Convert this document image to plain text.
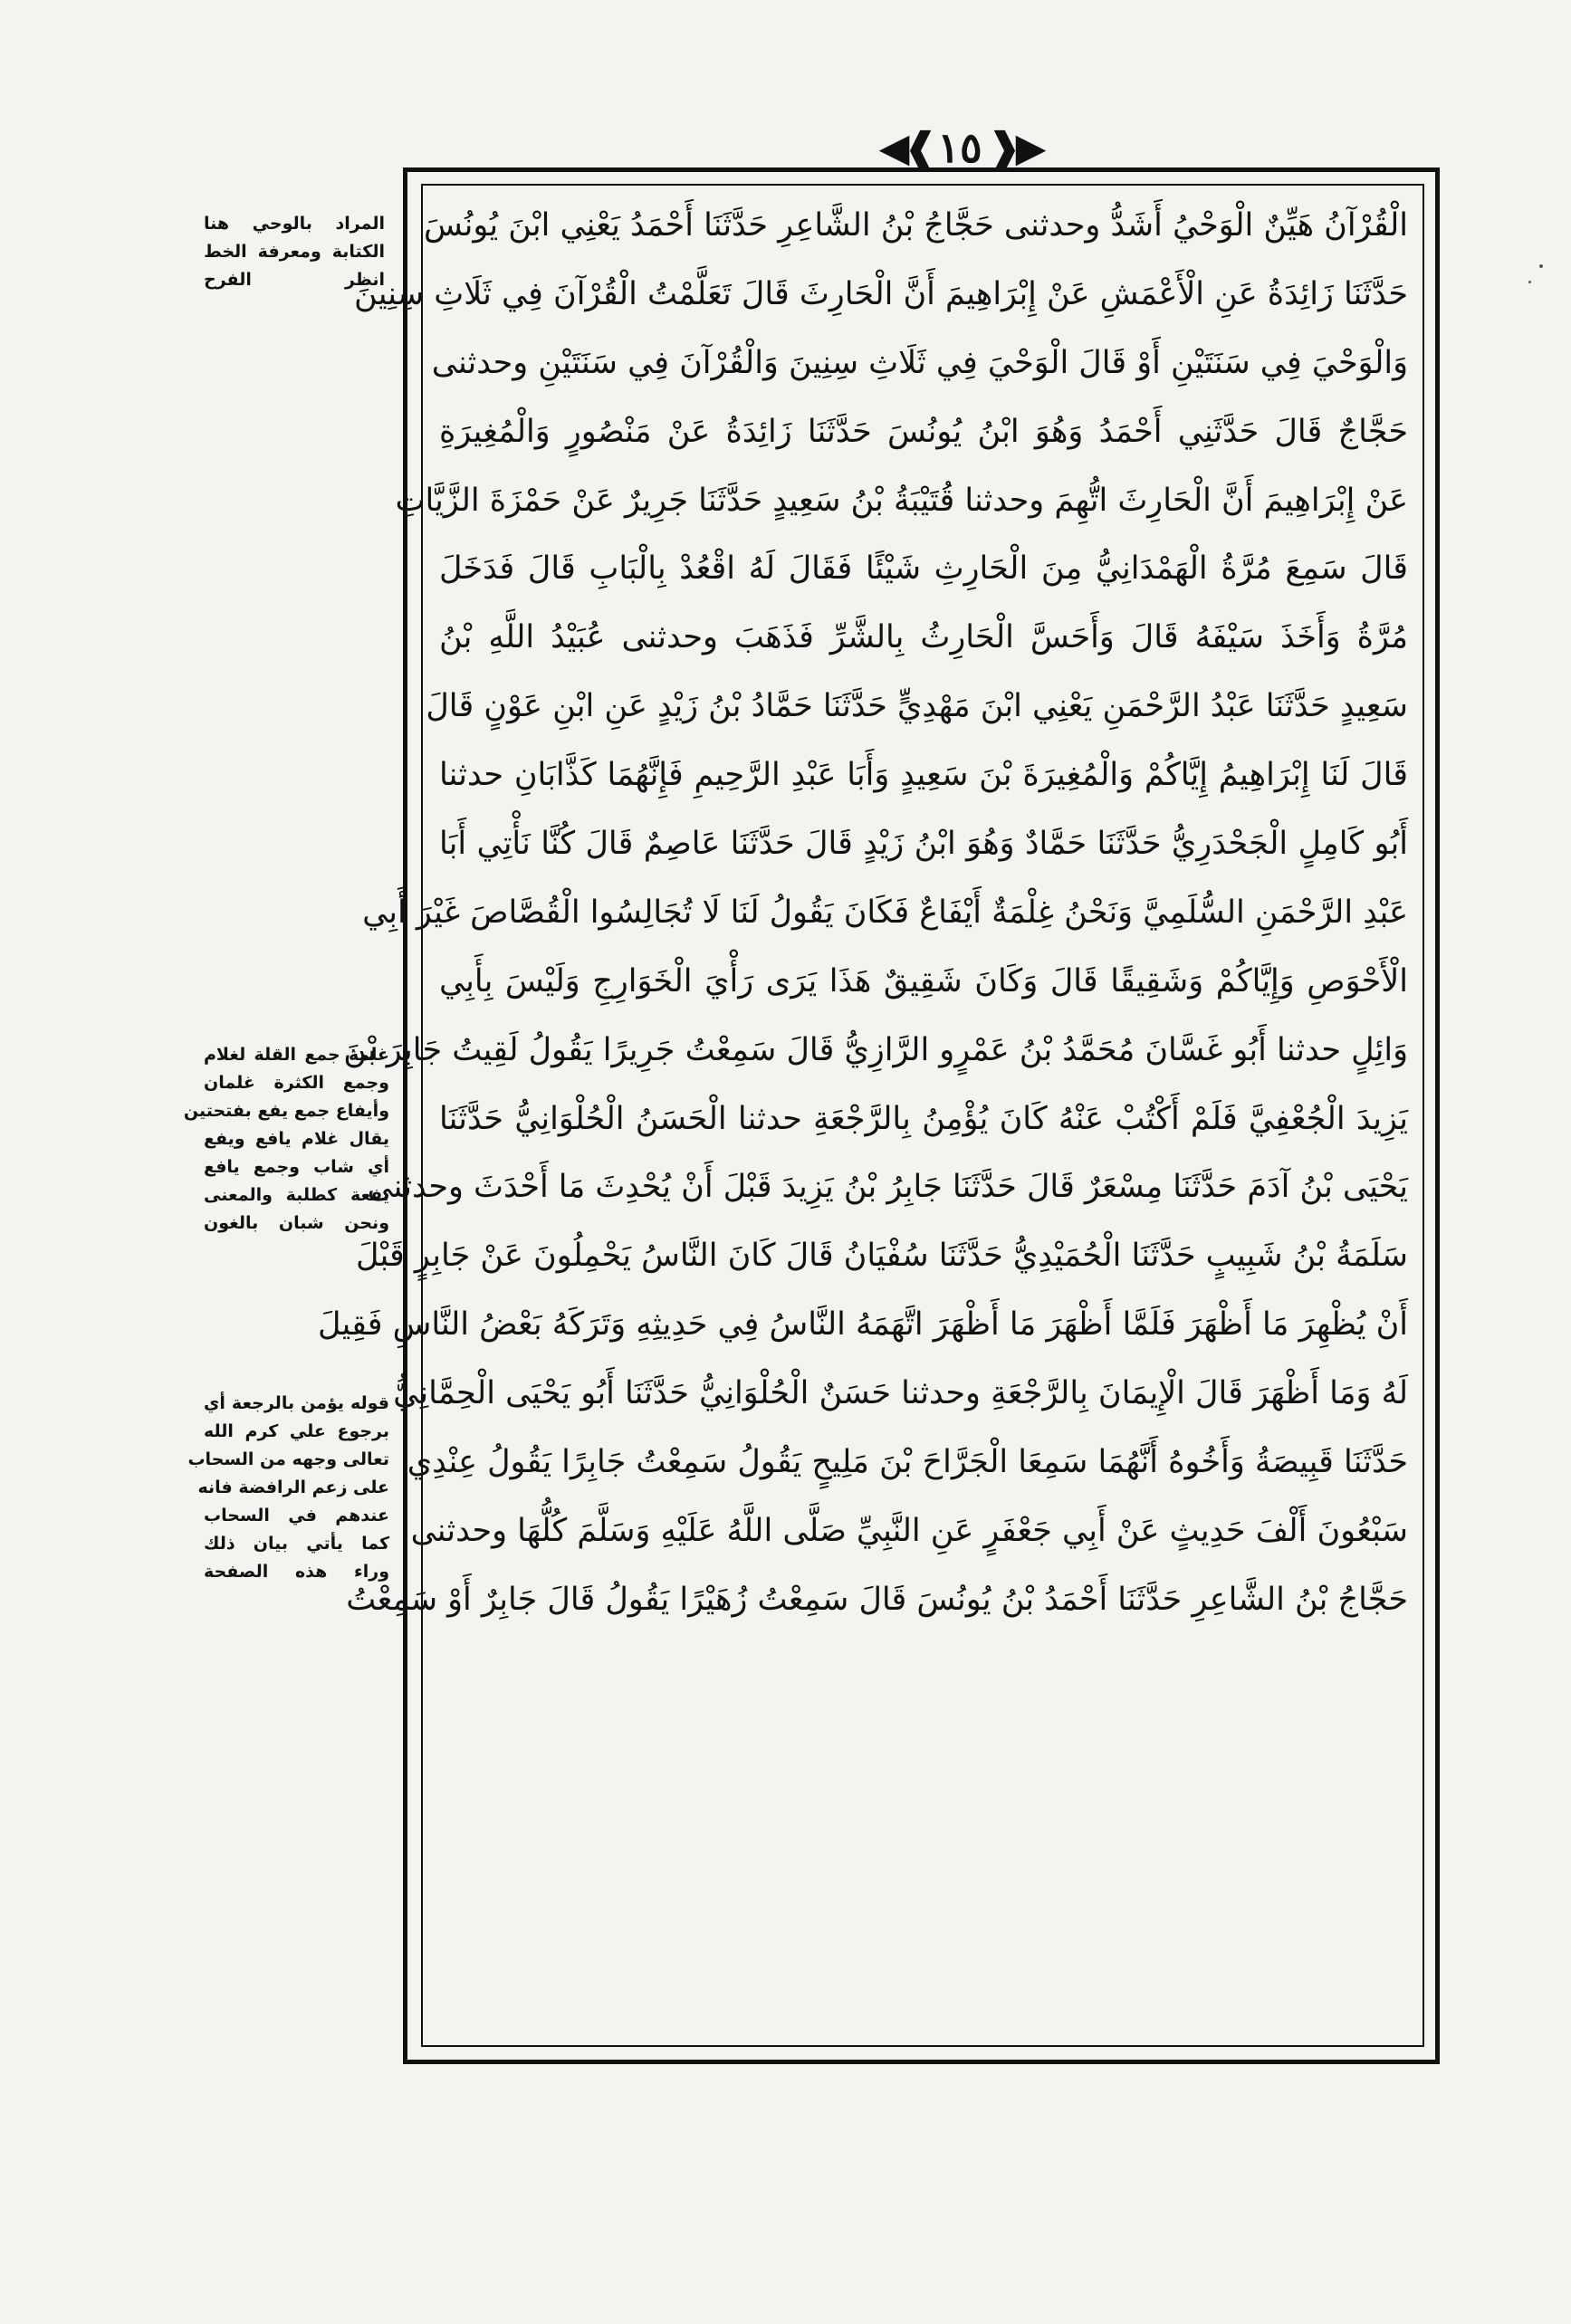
◀❰ ١٥ ❱▶
الْقُرْآنُ هَيِّنٌ الْوَحْيُ أَشَدُّ وحدثنى حَجَّاجُ بْنُ الشَّاعِرِ حَدَّثَنَا أَحْمَدُ يَعْنِي ابْنَ يُونُسَ
حَدَّثَنَا زَائِدَةُ عَنِ الْأَعْمَشِ عَنْ إِبْرَاهِيمَ أَنَّ الْحَارِثَ قَالَ تَعَلَّمْتُ الْقُرْآنَ فِي ثَلَاثِ سِنِينَ
وَالْوَحْيَ فِي سَنَتَيْنِ أَوْ قَالَ الْوَحْيَ فِي ثَلَاثِ سِنِينَ وَالْقُرْآنَ فِي سَنَتَيْنِ وحدثنى
حَجَّاجٌ قَالَ حَدَّثَنِي أَحْمَدُ وَهُوَ ابْنُ يُونُسَ حَدَّثَنَا زَائِدَةُ عَنْ مَنْصُورٍ وَالْمُغِيرَةِ
عَنْ إِبْرَاهِيمَ أَنَّ الْحَارِثَ اتُّهِمَ وحدثنا قُتَيْبَةُ بْنُ سَعِيدٍ حَدَّثَنَا جَرِيرٌ عَنْ حَمْزَةَ الزَّيَّاتِ
قَالَ سَمِعَ مُرَّةُ الْهَمْدَانِيُّ مِنَ الْحَارِثِ شَيْئًا فَقَالَ لَهُ اقْعُدْ بِالْبَابِ قَالَ فَدَخَلَ
مُرَّةُ وَأَخَذَ سَيْفَهُ قَالَ وَأَحَسَّ الْحَارِثُ بِالشَّرِّ فَذَهَبَ وحدثنى عُبَيْدُ اللَّهِ بْنُ
سَعِيدٍ حَدَّثَنَا عَبْدُ الرَّحْمَنِ يَعْنِي ابْنَ مَهْدِيٍّ حَدَّثَنَا حَمَّادُ بْنُ زَيْدٍ عَنِ ابْنِ عَوْنٍ قَالَ
قَالَ لَنَا إِبْرَاهِيمُ إِيَّاكُمْ وَالْمُغِيرَةَ بْنَ سَعِيدٍ وَأَبَا عَبْدِ الرَّحِيمِ فَإِنَّهُمَا كَذَّابَانِ حدثنا
أَبُو كَامِلٍ الْجَحْدَرِيُّ حَدَّثَنَا حَمَّادٌ وَهُوَ ابْنُ زَيْدٍ قَالَ حَدَّثَنَا عَاصِمٌ قَالَ كُنَّا نَأْتِي أَبَا
عَبْدِ الرَّحْمَنِ السُّلَمِيَّ وَنَحْنُ غِلْمَةٌ أَيْفَاعٌ فَكَانَ يَقُولُ لَنَا لَا تُجَالِسُوا الْقُصَّاصَ غَيْرَ أَبِي
الْأَحْوَصِ وَإِيَّاكُمْ وَشَقِيقًا قَالَ وَكَانَ شَقِيقٌ هَذَا يَرَى رَأْيَ الْخَوَارِجِ وَلَيْسَ بِأَبِي
وَائِلٍ حدثنا أَبُو غَسَّانَ مُحَمَّدُ بْنُ عَمْرٍو الرَّازِيُّ قَالَ سَمِعْتُ جَرِيرًا يَقُولُ لَقِيتُ جَابِرَ بْنَ
يَزِيدَ الْجُعْفِيَّ فَلَمْ أَكْتُبْ عَنْهُ كَانَ يُؤْمِنُ بِالرَّجْعَةِ حدثنا الْحَسَنُ الْحُلْوَانِيُّ حَدَّثَنَا
يَحْيَى بْنُ آدَمَ حَدَّثَنَا مِسْعَرٌ قَالَ حَدَّثَنَا جَابِرُ بْنُ يَزِيدَ قَبْلَ أَنْ يُحْدِثَ مَا أَحْدَثَ وحدثنى
سَلَمَةُ بْنُ شَبِيبٍ حَدَّثَنَا الْحُمَيْدِيُّ حَدَّثَنَا سُفْيَانُ قَالَ كَانَ النَّاسُ يَحْمِلُونَ عَنْ جَابِرٍ قَبْلَ
أَنْ يُظْهِرَ مَا أَظْهَرَ فَلَمَّا أَظْهَرَ مَا أَظْهَرَ اتَّهَمَهُ النَّاسُ فِي حَدِيثِهِ وَتَرَكَهُ بَعْضُ النَّاسِ فَقِيلَ
لَهُ وَمَا أَظْهَرَ قَالَ الْإِيمَانَ بِالرَّجْعَةِ وحدثنا حَسَنٌ الْحُلْوَانِيُّ حَدَّثَنَا أَبُو يَحْيَى الْحِمَّانِيُّ
حَدَّثَنَا قَبِيصَةُ وَأَخُوهُ أَنَّهُمَا سَمِعَا الْجَرَّاحَ بْنَ مَلِيحٍ يَقُولُ سَمِعْتُ جَابِرًا يَقُولُ عِنْدِي
سَبْعُونَ أَلْفَ حَدِيثٍ عَنْ أَبِي جَعْفَرٍ عَنِ النَّبِيِّ صَلَّى اللَّهُ عَلَيْهِ وَسَلَّمَ كُلُّهَا وحدثنى
حَجَّاجُ بْنُ الشَّاعِرِ حَدَّثَنَا أَحْمَدُ بْنُ يُونُسَ قَالَ سَمِعْتُ زُهَيْرًا يَقُولُ قَالَ جَابِرٌ أَوْ سَمِعْتُ
المراد بالوحي هنا
الكتابة ومعرفة الخط
انظر الفرح
غلمة جمع القلة لغلام
وجمع الكثرة غلمان
وأيفاع جمع يفع بفتحتين
يقال غلام يافع ويفع
أي شاب وجمع يافع
يفعة كطلبة والمعنى
ونحن شبان بالغون
قوله يؤمن بالرجعة أي
برجوع علي كرم الله
تعالى وجهه من السحاب
على زعم الرافضة فانه
عندهم في السحاب
كما يأتي بيان ذلك
وراء هذه الصفحة
